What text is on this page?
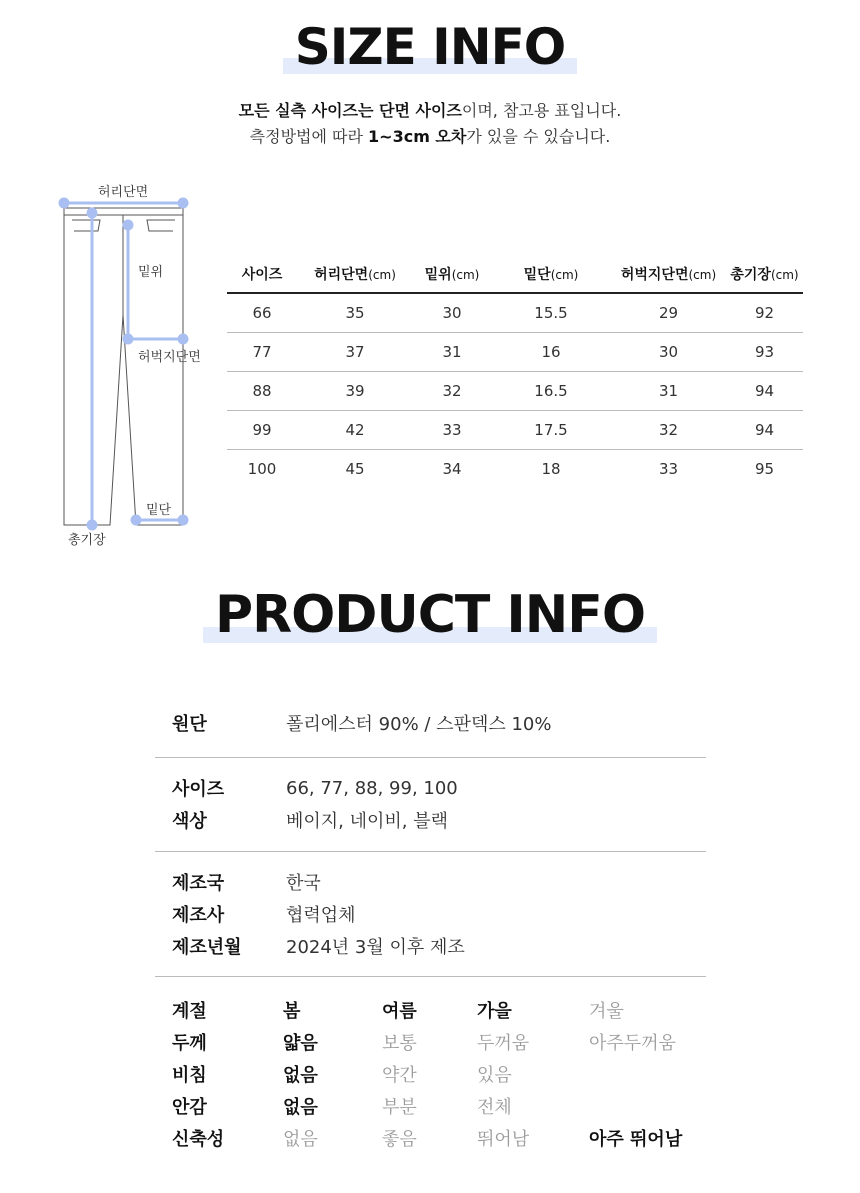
SIZE INFO
모든 실측 사이즈는 단면 사이즈이며, 참고용 표입니다.
측정방법에 따라 1~3cm 오차가 있을 수 있습니다.
허리단면
밑위
허벅지단면
밑단
총기장
사이즈	허리단면(cm)	밑위(cm)	밑단(cm)	허벅지단면(cm)	총기장(cm)
66	35	30	15.5	29	92
77	37	31	16	30	93
88	39	32	16.5	31	94
99	42	33	17.5	32	94
100	45	34	18	33	95
PRODUCT INFO
원단	폴리에스터 90% / 스판덱스 10%
사이즈	66, 77, 88, 99, 100
색상	베이지, 네이비, 블랙
제조국	한국
제조사	협력업체
제조년월	2024년 3월 이후 제조
계절	봄	여름	가을	겨울
두께	얇음	보통	두꺼움	아주두꺼움
비침	없음	약간	있음
안감	없음	부분	전체
신축성	없음	좋음	뛰어남	아주 뛰어남
